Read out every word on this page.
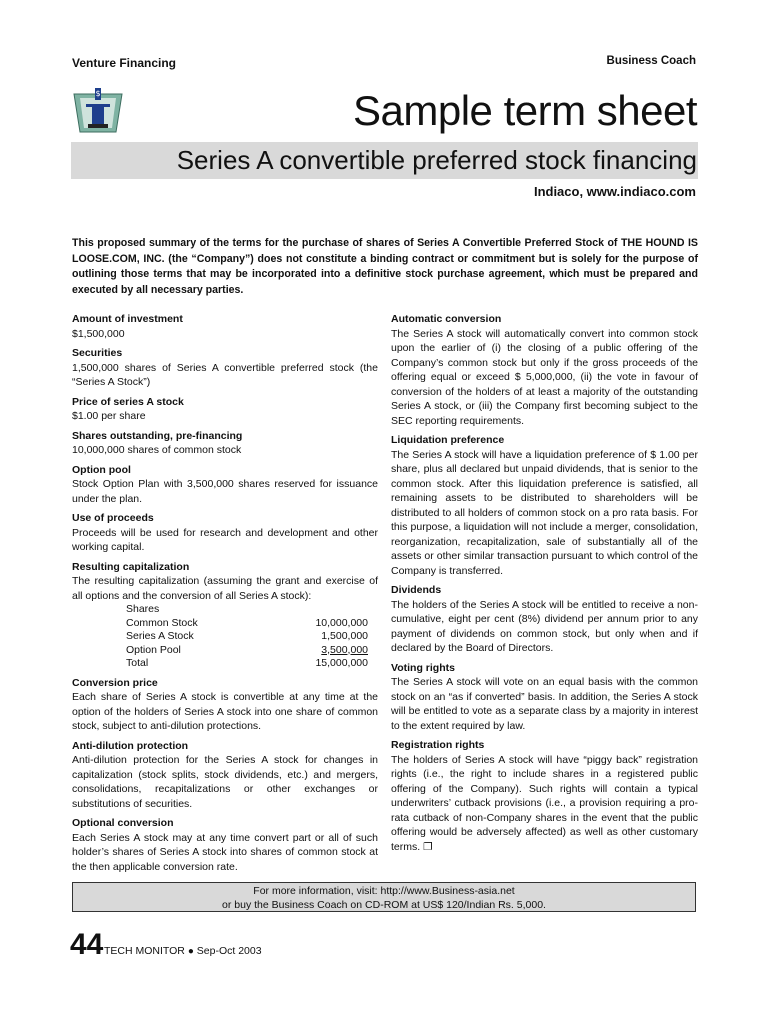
Venture Financing	Business Coach
$	Sample term sheet
Series A convertible preferred stock financing
Indiaco, www.indiaco.com
This proposed summary of the terms for the purchase of shares of Series A Convertible Preferred Stock of THE HOUND IS LOOSE.COM, INC. (the “Company”) does not constitute a binding contract or commitment but is solely for the purpose of outlining those terms that may be incorporated into a definitive stock purchase agreement, which must be prepared and executed by all necessary parties.
Amount of investment

$1,500,000

Securities

1,500,000 shares of Series A convertible preferred stock (the “Series A Stock”)

Price of series A stock

$1.00 per share

Shares outstanding, pre-financing

10,000,000 shares of common stock

Option pool

Stock Option Plan with 3,500,000 shares reserved for issuance under the plan.

Use of proceeds

Proceeds will be used for research and development and other working capital.

Resulting capitalization

The resulting capitalization (assuming the grant and exercise of all options and the conversion of all Series A stock):

Shares	
Common Stock	10,000,000
Series A Stock	1,500,000
Option Pool	3,500,000
Total	15,000,000
Conversion price

Each share of Series A stock is convertible at any time at the option of the holders of Series A stock into one share of common stock, subject to anti-dilution protections.

Anti-dilution protection

Anti-dilution protection for the Series A stock for changes in capitalization (stock splits, stock dividends, etc.) and mergers, consolidations, recapitalizations or other exchanges or substitutions of securities.

Optional conversion

Each Series A stock may at any time convert part or all of such holder’s shares of Series A stock into shares of common stock at the then applicable conversion rate.

Automatic conversion

The Series A stock will automatically convert into common stock upon the earlier of (i) the closing of a public offering of the Company’s common stock but only if the gross proceeds of the offering equal or exceed $ 5,000,000, (ii) the vote in favour of conversion of the holders of at least a majority of the outstanding Series A stock, or (iii) the Company first becoming subject to the SEC reporting requirements.

Liquidation preference

The Series A stock will have a liquidation preference of $ 1.00 per share, plus all declared but unpaid dividends, that is senior to the common stock. After this liquidation preference is satisfied, all remaining assets to be distributed to shareholders will be distributed to all holders of common stock on a pro rata basis. For this purpose, a liquidation will not include a merger, consolidation, reorganization, recapitalization, sale of substantially all of the assets or other similar transaction pursuant to which control of the Company is transferred.

Dividends

The holders of the Series A stock will be entitled to receive a non-cumulative, eight per cent (8%) dividend per annum prior to any payment of dividends on common stock, but only when and if declared by the Board of Directors.

Voting rights

The Series A stock will vote on an equal basis with the common stock on an “as if converted” basis. In addition, the Series A stock will be entitled to vote as a separate class by a majority in interest to the extent required by law.

Registration rights

The holders of Series A stock will have “piggy back” registration rights (i.e., the right to include shares in a registered public offering of the Company). Such rights will contain a typical underwriters’ cutback provisions (i.e., a provision requiring a pro-rata cutback of non-Company shares in the event that the public offering would be adversely affected) as well as other customary terms. ❐

For more information, visit: http://www.Business-asia.net
or buy the Business Coach on CD-ROM at US$ 120/Indian Rs. 5,000.
44 TECH MONITOR ● Sep-Oct 2003
